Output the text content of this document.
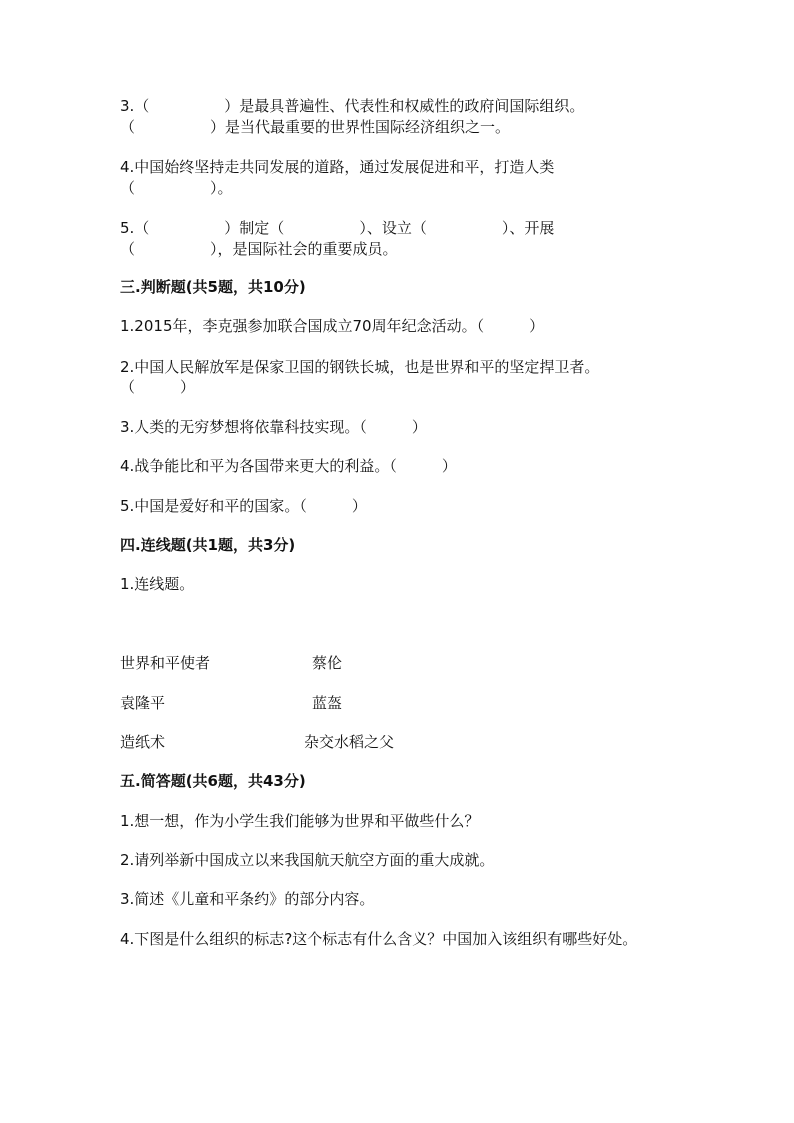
3.（　　　　　）是最具普遍性、代表性和权威性的政府间国际组织。
（　　　　　）是当代最重要的世界性国际经济组织之一。
4.中国始终坚持走共同发展的道路，通过发展促进和平，打造人类
（　　　　　）。
5.（　　　　　）制定（　　　　　）、设立（　　　　　）、开展
（　　　　　），是国际社会的重要成员。
三.判断题(共5题，共10分)
1.2015年，李克强参加联合国成立70周年纪念活动。（　　　）
2.中国人民解放军是保家卫国的钢铁长城，也是世界和平的坚定捍卫者。
（　　　）
3.人类的无穷梦想将依靠科技实现。（　　　）
4.战争能比和平为各国带来更大的利益。（　　　）
5.中国是爱好和平的国家。（　　　）
四.连线题(共1题，共3分)
1.连线题。
世界和平使者	蔡伦
袁隆平	蓝盔
造纸术	杂交水稻之父
五.简答题(共6题，共43分)
1.想一想，作为小学生我们能够为世界和平做些什么？
2.请列举新中国成立以来我国航天航空方面的重大成就。
3.简述《儿童和平条约》的部分内容。
4.下图是什么组织的标志?这个标志有什么含义？中国加入该组织有哪些好处。
